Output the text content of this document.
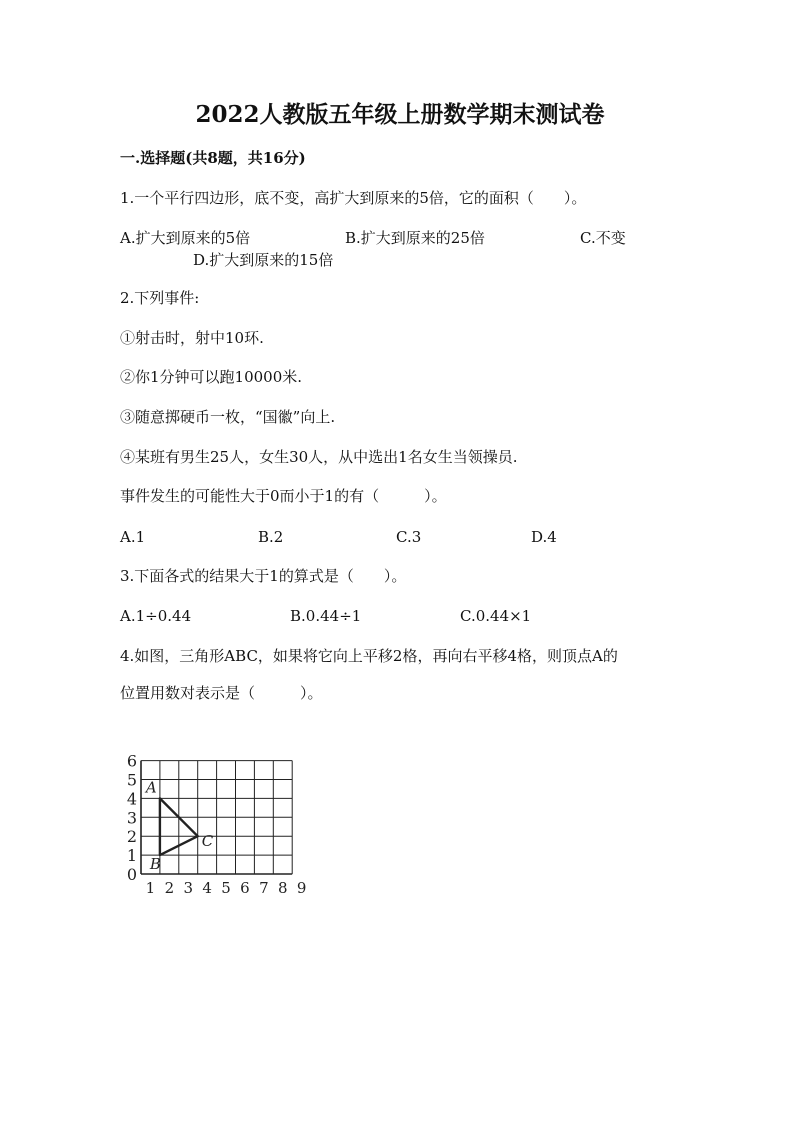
2022人教版五年级上册数学期末测试卷
一.选择题(共8题，共16分)
1.一个平行四边形，底不变，高扩大到原来的5倍，它的面积（　　）。
A.扩大到原来的5倍	B.扩大到原来的25倍	C.不变
D.扩大到原来的15倍
2.下列事件:
①射击时，射中10环.
②你1分钟可以跑10000米.
③随意掷硬币一枚，“国徽”向上.
④某班有男生25人，女生30人，从中选出1名女生当领操员.
事件发生的可能性大于0而小于1的有（　　　）。
A.1	B.2	C.3	D.4
3.下面各式的结果大于1的算式是（　　）。
A.1÷0.44	B.0.44÷1	C.0.44×1
4.如图，三角形ABC，如果将它向上平移2格，再向右平移4格，则顶点A的
位置用数对表示是（　　　）。
0
1
2
3
4
5
6
1 2 3 4 5 6 7 8 9
A
B
C
